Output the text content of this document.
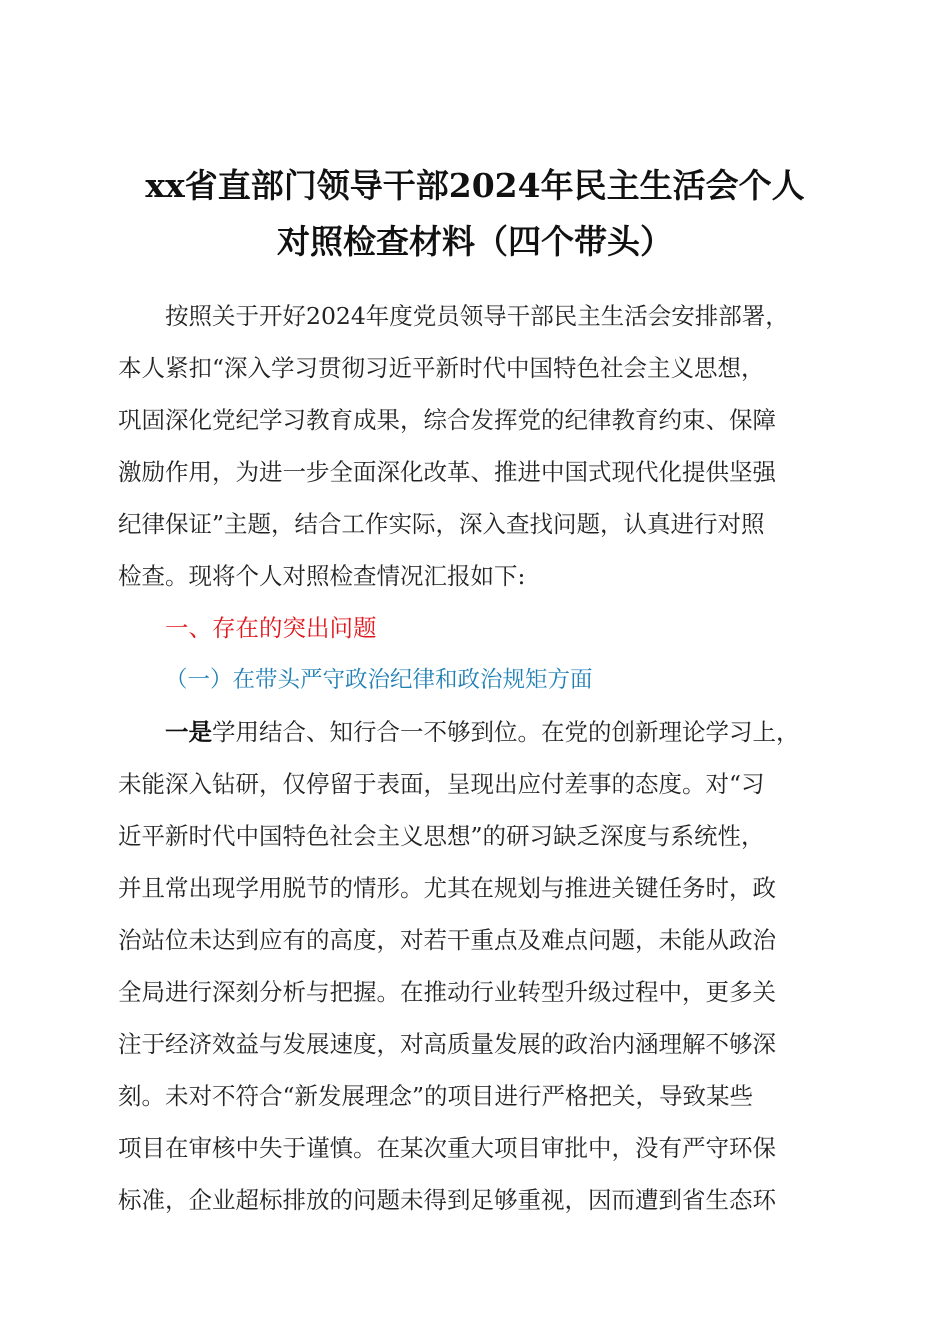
xx省直部门领导干部2024年民主生活会个人
对照检查材料（四个带头）

按照关于开好2024年度党员领导干部民主生活会安排部署，
本人紧扣“深入学习贯彻习近平新时代中国特色社会主义思想，
巩固深化党纪学习教育成果，综合发挥党的纪律教育约束、保障
激励作用，为进一步全面深化改革、推进中国式现代化提供坚强
纪律保证”主题，结合工作实际，深入查找问题，认真进行对照
检查。现将个人对照检查情况汇报如下:

一、存在的突出问题

（一）在带头严守政治纪律和政治规矩方面

一是学用结合、知行合一不够到位。在党的创新理论学习上，
未能深入钻研，仅停留于表面，呈现出应付差事的态度。对“习
近平新时代中国特色社会主义思想”的研习缺乏深度与系统性，
并且常出现学用脱节的情形。尤其在规划与推进关键任务时，政
治站位未达到应有的高度，对若干重点及难点问题，未能从政治
全局进行深刻分析与把握。在推动行业转型升级过程中，更多关
注于经济效益与发展速度，对高质量发展的政治内涵理解不够深
刻。未对不符合“新发展理念”的项目进行严格把关，导致某些
项目在审核中失于谨慎。在某次重大项目审批中，没有严守环保
标准，企业超标排放的问题未得到足够重视，因而遭到省生态环
